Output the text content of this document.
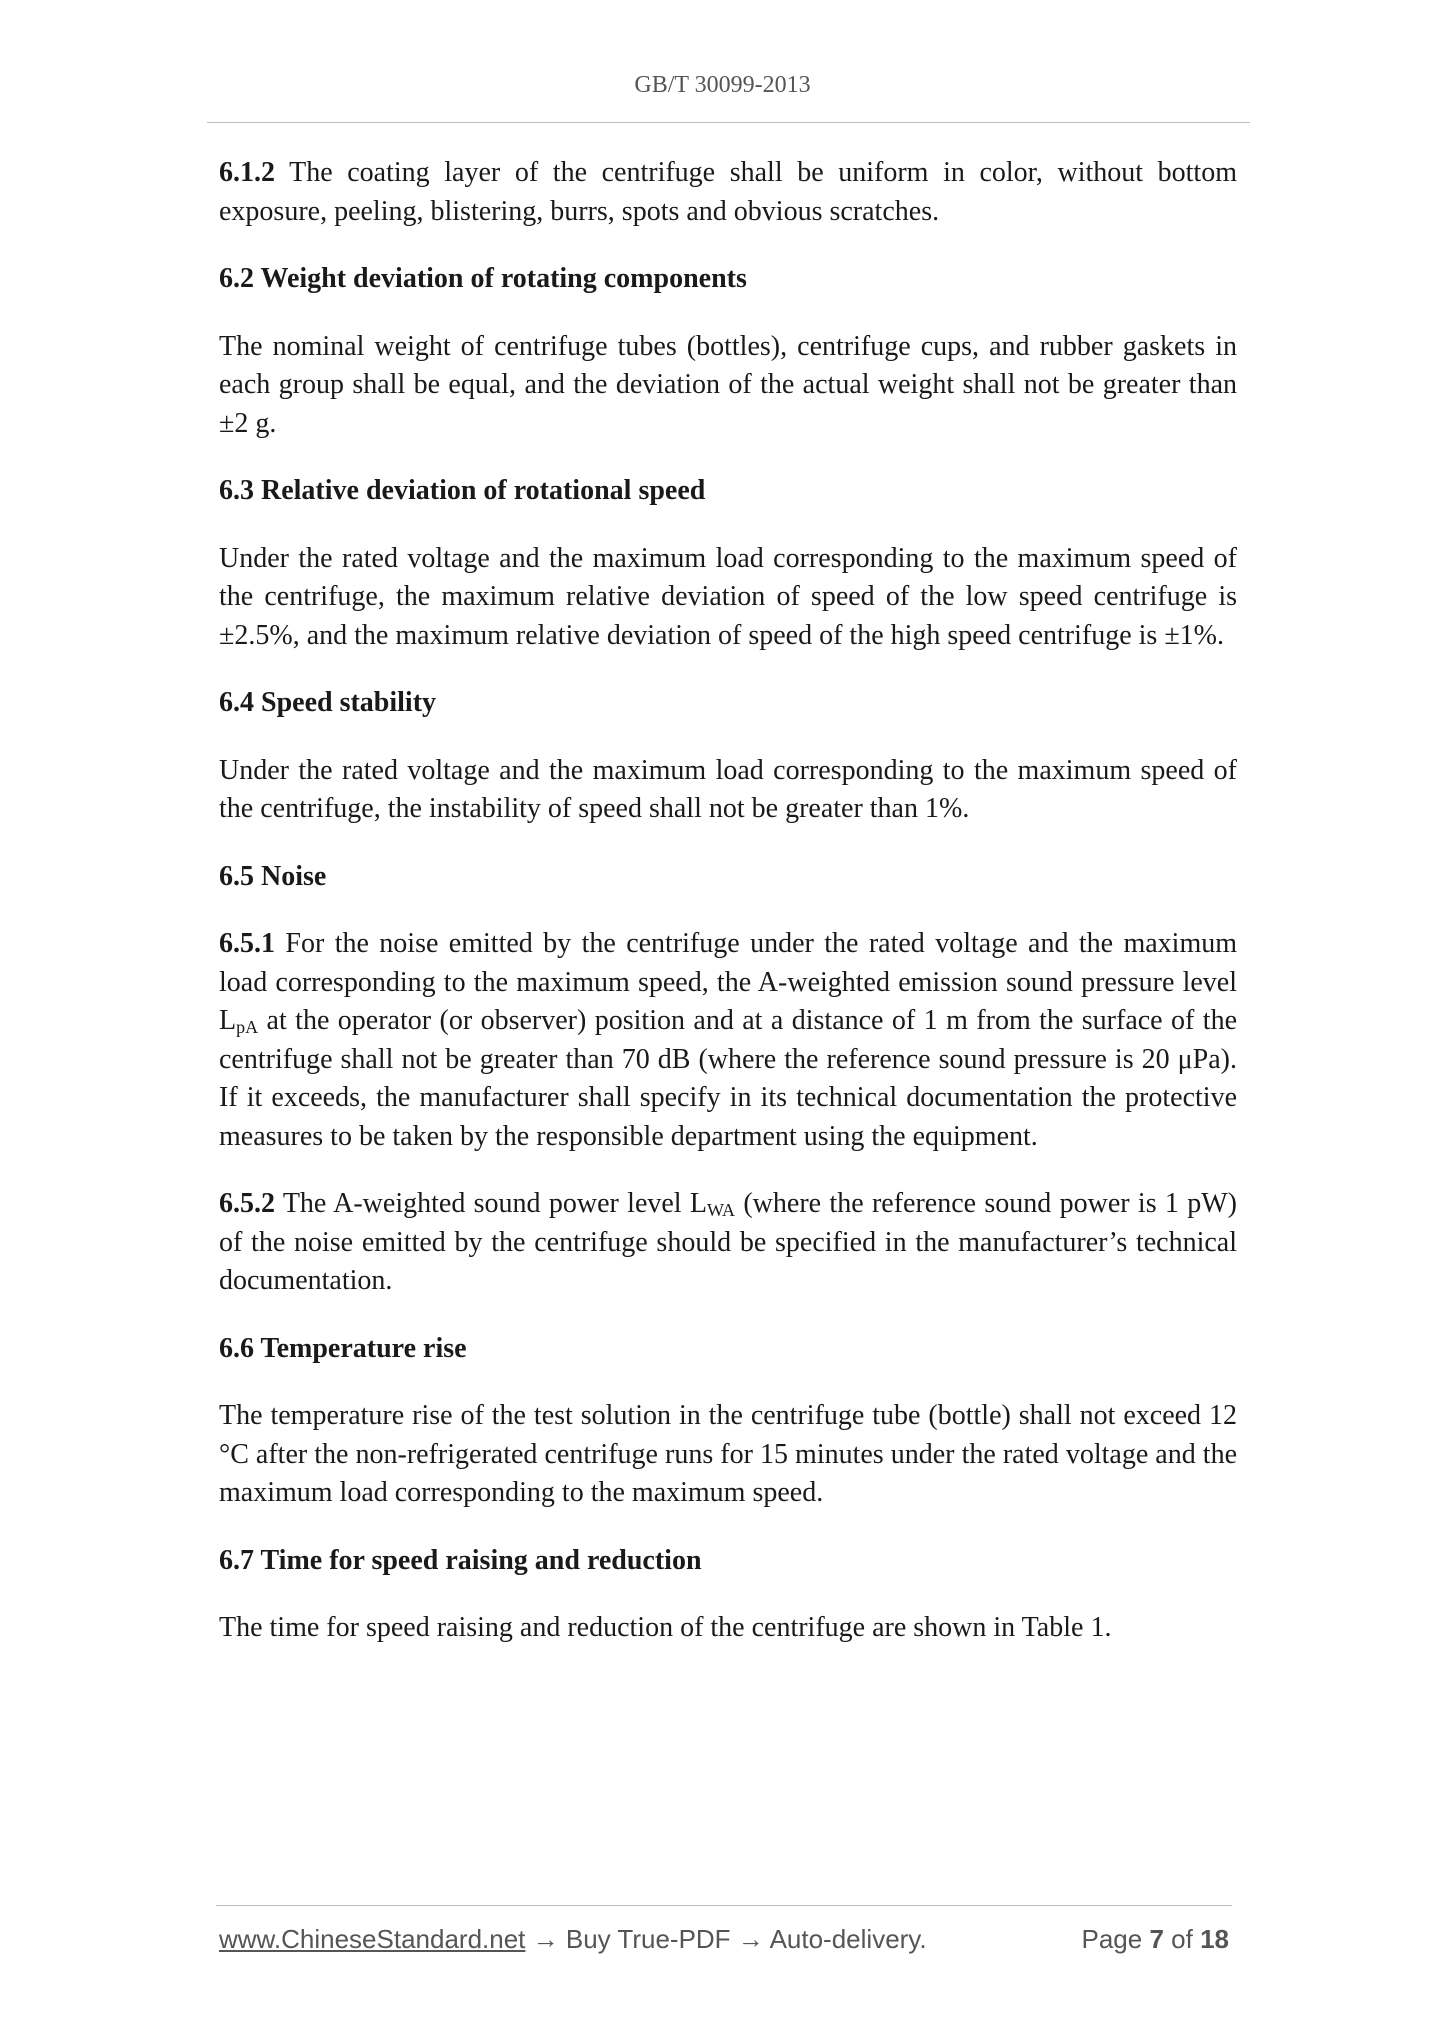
GB/T 30099-2013

6.1.2 The coating layer of the centrifuge shall be uniform in color, without bottom exposure, peeling, blistering, burrs, spots and obvious scratches.

6.2 Weight deviation of rotating components

The nominal weight of centrifuge tubes (bottles), centrifuge cups, and rubber gaskets in each group shall be equal, and the deviation of the actual weight shall not be greater than ±2 g.

6.3 Relative deviation of rotational speed

Under the rated voltage and the maximum load corresponding to the maximum speed of the centrifuge, the maximum relative deviation of speed of the low speed centrifuge is ±2.5%, and the maximum relative deviation of speed of the high speed centrifuge is ±1%.

6.4 Speed stability

Under the rated voltage and the maximum load corresponding to the maximum speed of the centrifuge, the instability of speed shall not be greater than 1%.

6.5 Noise

6.5.1 For the noise emitted by the centrifuge under the rated voltage and the maximum load corresponding to the maximum speed, the A-weighted emission sound pressure level $L_{pA}$ at the operator (or observer) position and at a distance of 1 m from the surface of the centrifuge shall not be greater than 70 dB (where the reference sound pressure is 20 μPa). If it exceeds, the manufacturer shall specify in its technical documentation the protective measures to be taken by the responsible department using the equipment.

6.5.2 The A-weighted sound power level $L_{WA}$ (where the reference sound power is 1 pW) of the noise emitted by the centrifuge should be specified in the manufacturer’s technical documentation.

6.6 Temperature rise

The temperature rise of the test solution in the centrifuge tube (bottle) shall not exceed 12 °C after the non-refrigerated centrifuge runs for 15 minutes under the rated voltage and the maximum load corresponding to the maximum speed.

6.7 Time for speed raising and reduction

The time for speed raising and reduction of the centrifuge are shown in Table 1.

www.ChineseStandard.net → Buy True-PDF → Auto-delivery.	Page 7 of 18
